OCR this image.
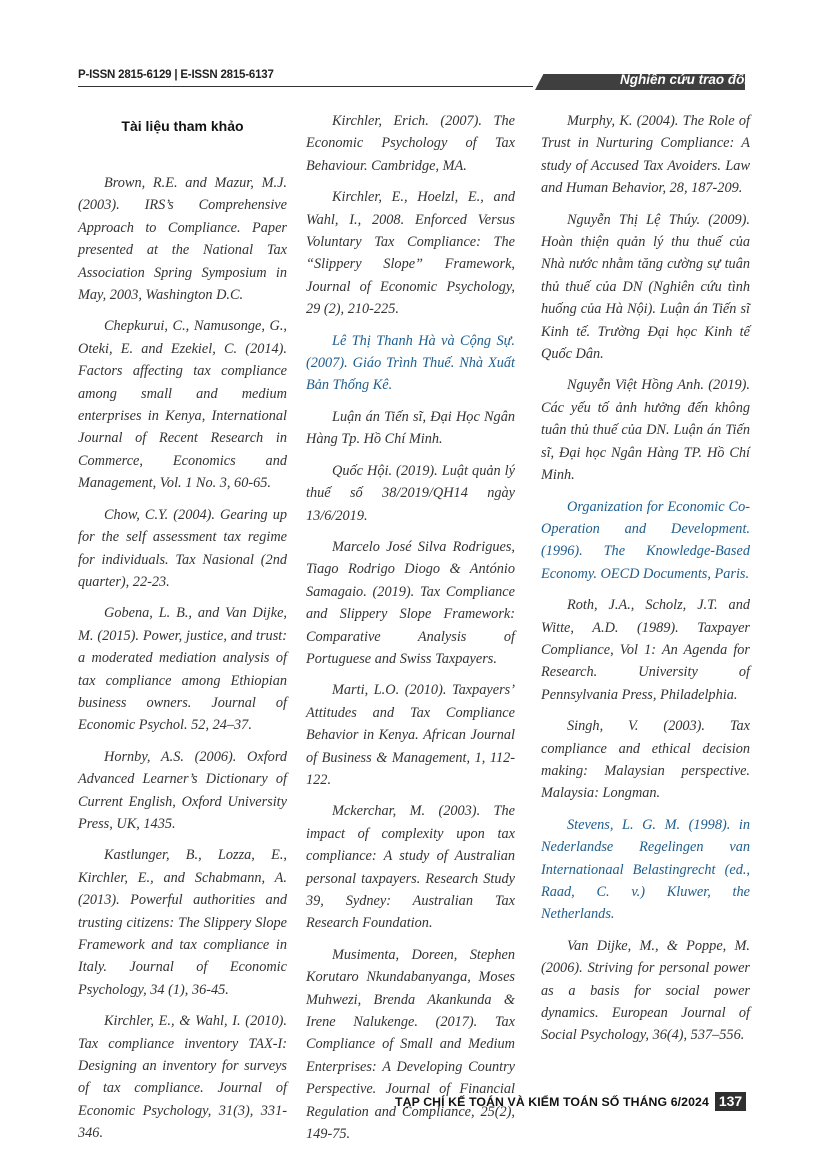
P-ISSN 2815-6129 | E-ISSN 2815-6137	Nghiên cứu trao đổi
Tài liệu tham khảo

Brown, R.E. and Mazur, M.J. (2003). IRS’s Comprehensive Approach to Compliance. Paper presented at the National Tax Association Spring Symposium in May, 2003, Washington D.C.

Chepkurui, C., Namusonge, G., Oteki, E. and Ezekiel, C. (2014). Factors affecting tax compliance among small and medium enterprises in Kenya, International Journal of Recent Research in Commerce, Economics and Management, Vol. 1 No. 3, 60-65.

Chow, C.Y. (2004). Gearing up for the self assessment tax regime for individuals. Tax Nasional (2nd quarter), 22-23.

Gobena, L. B., and Van Dijke, M. (2015). Power, justice, and trust: a moderated mediation analysis of tax compliance among Ethiopian business owners. Journal of Economic Psychol. 52, 24–37.

Hornby, A.S. (2006). Oxford Advanced Learner’s Dictionary of Current English, Oxford University Press, UK, 1435.

Kastlunger, B., Lozza, E., Kirchler, E., and Schabmann, A. (2013). Powerful authorities and trusting citizens: The Slippery Slope Framework and tax compliance in Italy. Journal of Economic Psychology, 34 (1), 36-45.

Kirchler, E., & Wahl, I. (2010). Tax compliance inventory TAX-I: Designing an inventory for surveys of tax compliance. Journal of Economic Psychology, 31(3), 331-346.

Kirchler, Erich. (2007). The Economic Psychology of Tax Behaviour. Cambridge, MA.

Kirchler, E., Hoelzl, E., and Wahl, I., 2008. Enforced Versus Voluntary Tax Compliance: The “Slippery Slope” Framework, Journal of Economic Psychology, 29 (2), 210-225.

Lê Thị Thanh Hà và Cộng Sự. (2007). Giáo Trình Thuế. Nhà Xuất Bản Thống Kê.

Luận án Tiến sĩ, Đại Học Ngân Hàng Tp. Hồ Chí Minh.

Quốc Hội. (2019). Luật quản lý thuế số 38/2019/QH14 ngày 13/6/2019.

Marcelo José Silva Rodrigues, Tiago Rodrigo Diogo & António Samagaio. (2019). Tax Compliance and Slippery Slope Framework: Comparative Analysis of Portuguese and Swiss Taxpayers.

Marti, L.O. (2010). Taxpayers’ Attitudes and Tax Compliance Behavior in Kenya. African Journal of Business & Management, 1, 112-122.

Mckerchar, M. (2003). The impact of complexity upon tax compliance: A study of Australian personal taxpayers. Research Study 39, Sydney: Australian Tax Research Foundation.

Musimenta, Doreen, Stephen Korutaro Nkundabanyanga, Moses Muhwezi, Brenda Akankunda & Irene Nalukenge. (2017). Tax Compliance of Small and Medium Enterprises: A Developing Country Perspective. Journal of Financial Regulation and Compliance, 25(2), 149-75.

Murphy, K. (2004). The Role of Trust in Nurturing Compliance: A study of Accused Tax Avoiders. Law and Human Behavior, 28, 187-209.

Nguyễn Thị Lệ Thúy. (2009). Hoàn thiện quản lý thu thuế của Nhà nước nhằm tăng cường sự tuân thủ thuế của DN (Nghiên cứu tình huống của Hà Nội). Luận án Tiến sĩ Kinh tế. Trường Đại học Kinh tế Quốc Dân.

Nguyễn Việt Hồng Anh. (2019). Các yếu tố ảnh hưởng đến không tuân thủ thuế của DN. Luận án Tiến sĩ, Đại học Ngân Hàng TP. Hồ Chí Minh.

Organization for Economic Co-Operation and Development. (1996). The Knowledge-Based Economy. OECD Documents, Paris.

Roth, J.A., Scholz, J.T. and Witte, A.D. (1989). Taxpayer Compliance, Vol 1: An Agenda for Research. University of Pennsylvania Press, Philadelphia.

Singh, V. (2003). Tax compliance and ethical decision making: Malaysian perspective. Malaysia: Longman.

Stevens, L. G. M. (1998). in Nederlandse Regelingen van Internationaal Belastingrecht (ed., Raad, C. v.) Kluwer, the Netherlands.

Van Dijke, M., & Poppe, M. (2006). Striving for personal power as a basis for social power dynamics. European Journal of Social Psychology, 36(4), 537–556.

TẠP CHÍ KẾ TOÁN VÀ KIỂM TOÁN SỐ THÁNG 6/2024 137
